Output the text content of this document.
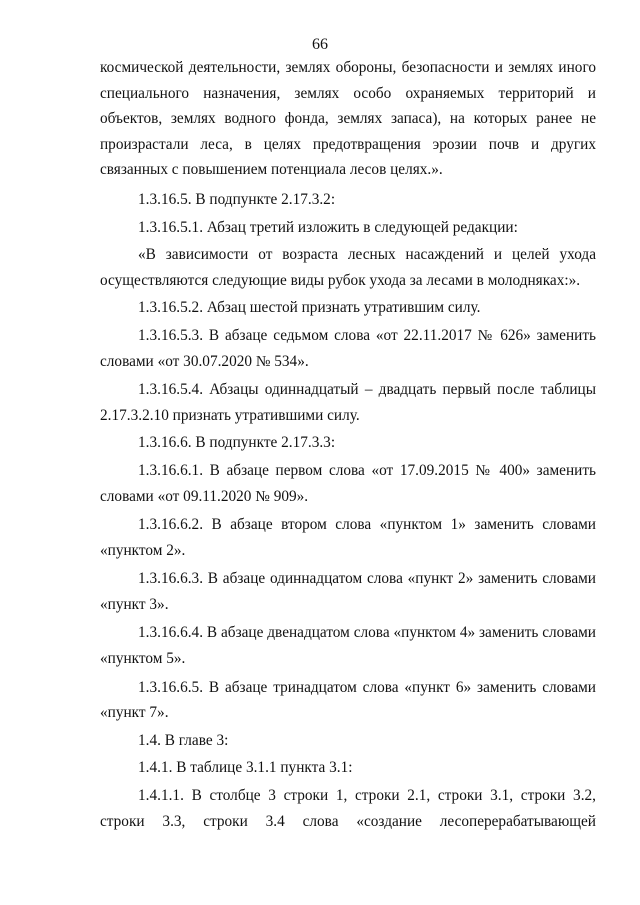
66

космической деятельности, землях обороны, безопасности и землях иного специального назначения, землях особо охраняемых территорий и объектов, землях водного фонда, землях запаса), на которых ранее не произрастали леса, в целях предотвращения эрозии почв и других связанных с повышением потенциала лесов целях.».

1.3.16.5. В подпункте 2.17.3.2:

1.3.16.5.1. Абзац третий изложить в следующей редакции:

«В зависимости от возраста лесных насаждений и целей ухода осуществляются следующие виды рубок ухода за лесами в молодняках:».

1.3.16.5.2. Абзац шестой признать утратившим силу.

1.3.16.5.3. В абзаце седьмом слова «от 22.11.2017 № 626» заменить словами «от 30.07.2020 № 534».

1.3.16.5.4. Абзацы одиннадцатый – двадцать первый после таблицы 2.17.3.2.10 признать утратившими силу.

1.3.16.6. В подпункте 2.17.3.3:

1.3.16.6.1. В абзаце первом слова «от 17.09.2015 № 400» заменить словами «от 09.11.2020 № 909».

1.3.16.6.2. В абзаце втором слова «пунктом 1» заменить словами «пунктом 2».

1.3.16.6.3. В абзаце одиннадцатом слова «пункт 2» заменить словами «пункт 3».

1.3.16.6.4. В абзаце двенадцатом слова «пунктом 4» заменить словами «пунктом 5».

1.3.16.6.5. В абзаце тринадцатом слова «пункт 6» заменить словами «пункт 7».

1.4. В главе 3:

1.4.1. В таблице 3.1.1 пункта 3.1:

1.4.1.1. В столбце 3 строки 1, строки 2.1, строки 3.1, строки 3.2, строки 3.3, строки 3.4 слова «создание лесоперерабатывающей
